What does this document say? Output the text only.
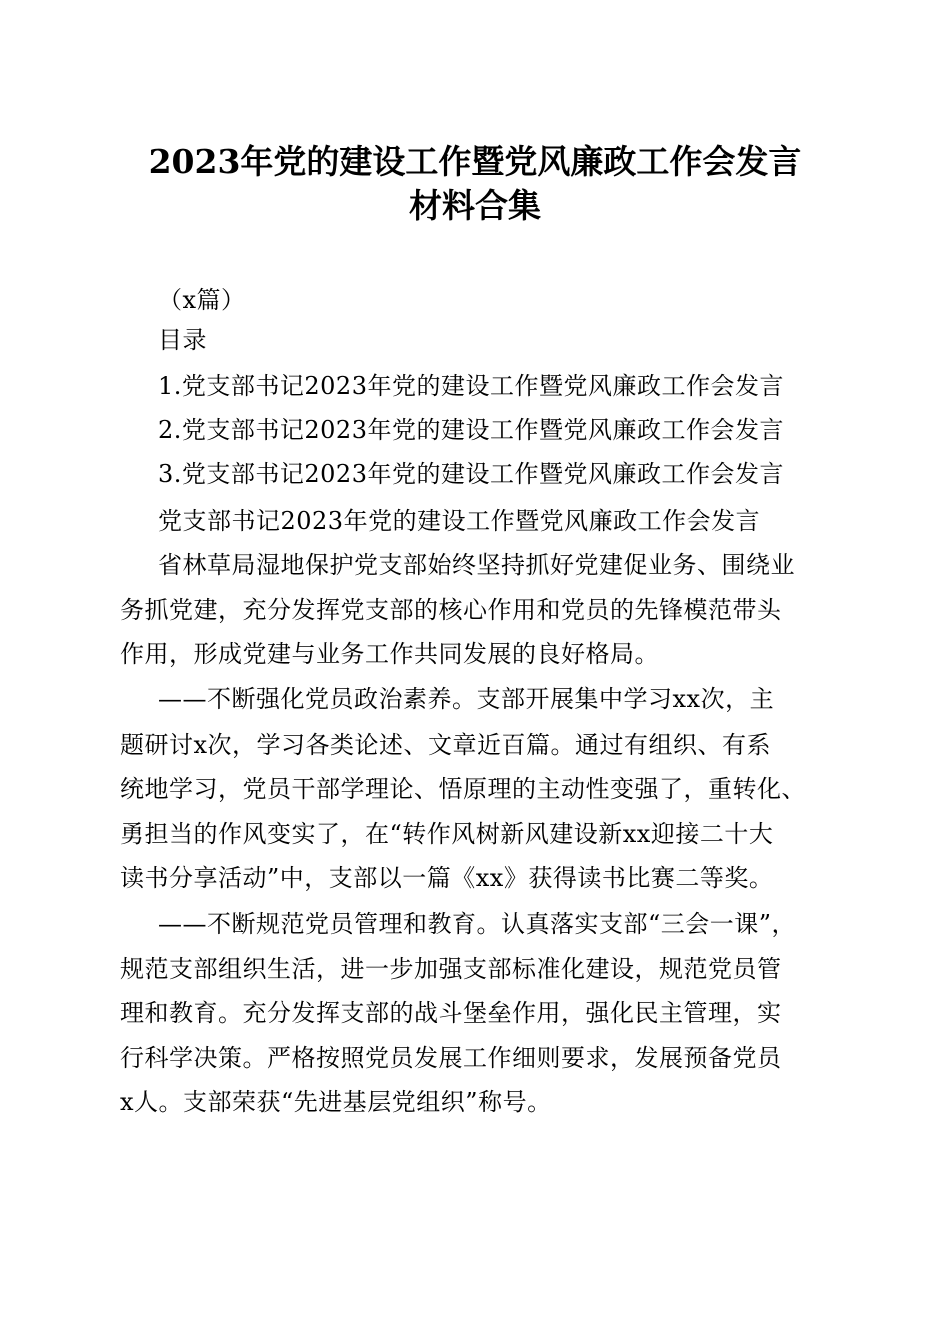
2023年党的建设工作暨党风廉政工作会发言
材料合集
（x篇）
目录
1.党支部书记2023年党的建设工作暨党风廉政工作会发言
2.党支部书记2023年党的建设工作暨党风廉政工作会发言
3.党支部书记2023年党的建设工作暨党风廉政工作会发言
党支部书记2023年党的建设工作暨党风廉政工作会发言
省林草局湿地保护党支部始终坚持抓好党建促业务、围绕业
务抓党建，充分发挥党支部的核心作用和党员的先锋模范带头
作用，形成党建与业务工作共同发展的良好格局。
——不断强化党员政治素养。支部开展集中学习xx次，主
题研讨x次，学习各类论述、文章近百篇。通过有组织、有系
统地学习，党员干部学理论、悟原理的主动性变强了，重转化、
勇担当的作风变实了，在“转作风树新风建设新xx迎接二十大
读书分享活动”中，支部以一篇《xx》获得读书比赛二等奖。
——不断规范党员管理和教育。认真落实支部“三会一课”，
规范支部组织生活，进一步加强支部标准化建设，规范党员管
理和教育。充分发挥支部的战斗堡垒作用，强化民主管理，实
行科学决策。严格按照党员发展工作细则要求，发展预备党员
x人。支部荣获“先进基层党组织”称号。
